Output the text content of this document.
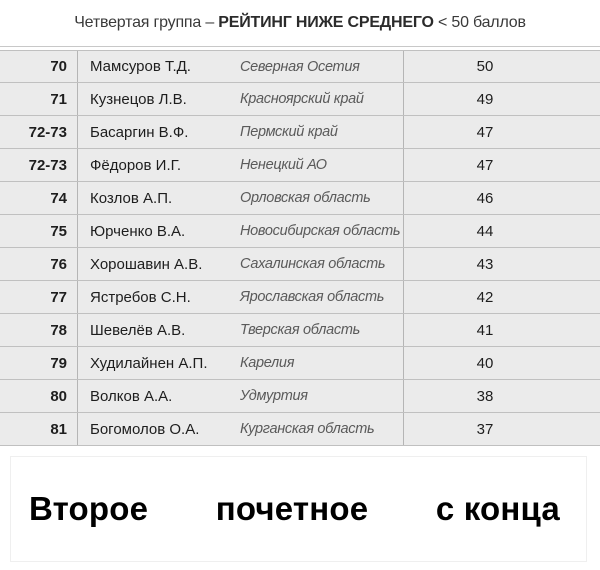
Четвертая группа – РЕЙТИНГ НИЖЕ СРЕДНЕГО < 50 баллов
70	Мамсуров Т.Д.	Северная Осетия	50
71	Кузнецов Л.В.	Красноярский край	49
72-73	Басаргин В.Ф.	Пермский край	47
72-73	Фёдоров И.Г.	Ненецкий АО	47
74	Козлов А.П.	Орловская область	46
75	Юрченко В.А.	Новосибирская область	44
76	Хорошавин А.В.	Сахалинская область	43
77	Ястребов С.Н.	Ярославская область	42
78	Шевелёв А.В.	Тверская область	41
79	Худилайнен А.П.	Карелия	40
80	Волков А.А.	Удмуртия	38
81	Богомолов О.А.	Курганская область	37
Второе почетное с конца
